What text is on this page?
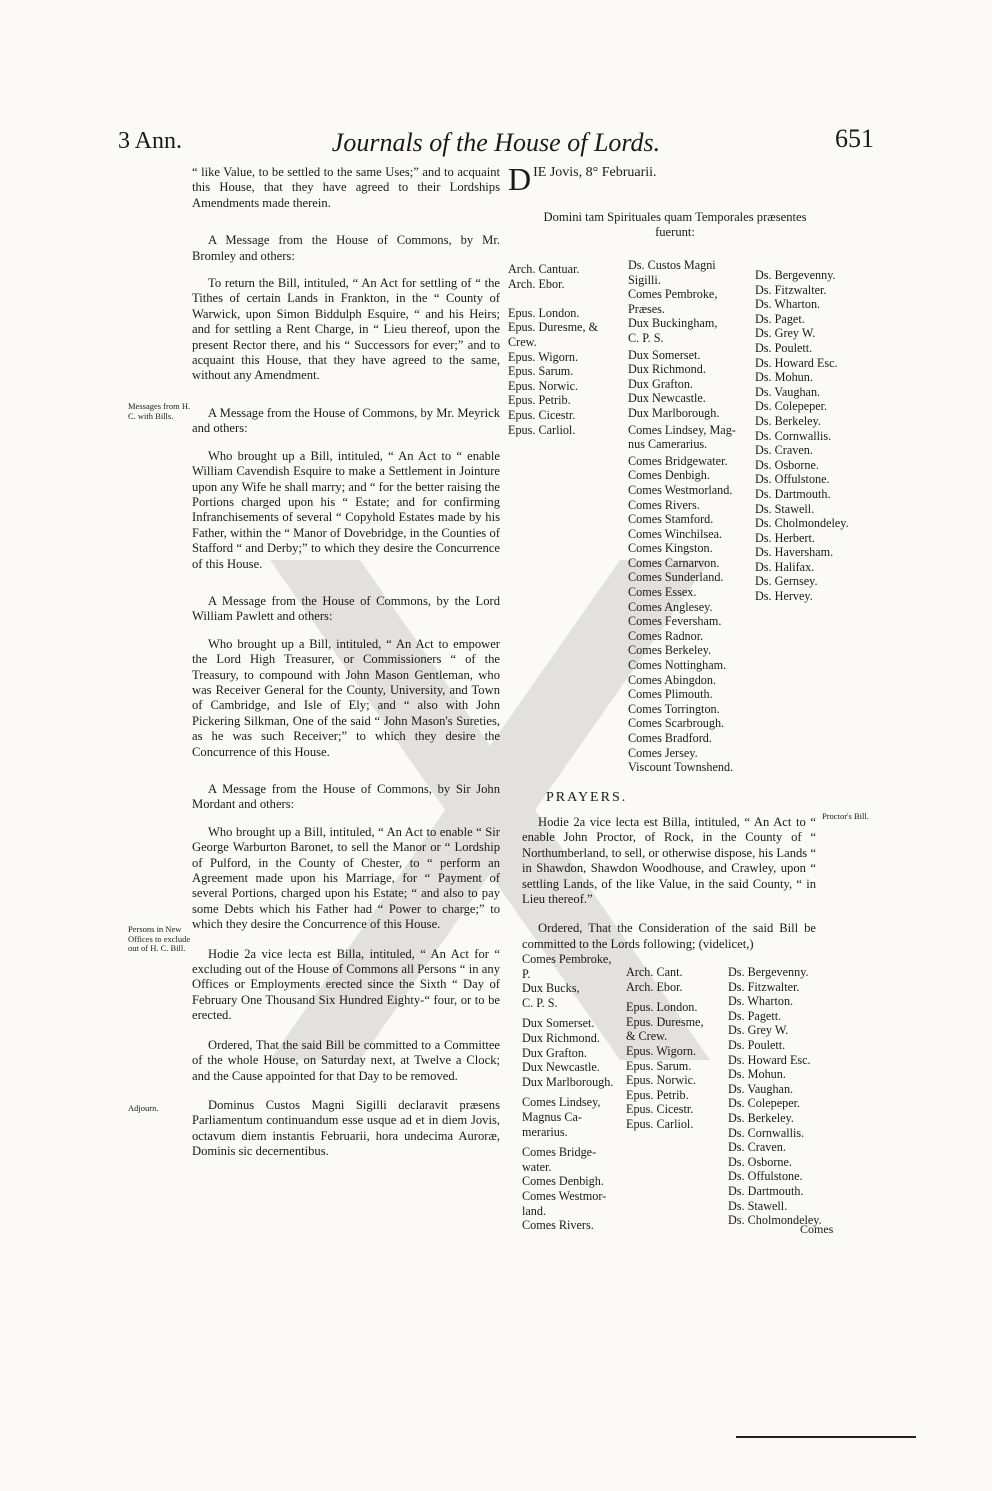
3 Ann.	Journals of the House of Lords.	651

“ like Value, to be settled to the same Uses;” and to acquaint this House, that they have agreed to their Lordships Amendments made therein.

A Message from the House of Commons, by Mr. Bromley and others:

To return the Bill, intituled, “ An Act for settling of “ the Tithes of certain Lands in Frankton, in the “ County of Warwick, upon Simon Biddulph Esquire, “ and his Heirs; and for settling a Rent Charge, in “ Lieu thereof, upon the present Rector there, and his “ Successors for ever;” and to acquaint this House, that they have agreed to the same, without any Amendment.

A Message from the House of Commons, by Mr. Meyrick and others:

Who brought up a Bill, intituled, “ An Act to “ enable William Cavendish Esquire to make a Settlement in Jointure upon any Wife he shall marry; and “ for the better raising the Portions charged upon his “ Estate; and for confirming Infranchisements of several “ Copyhold Estates made by his Father, within the “ Manor of Dovebridge, in the Counties of Stafford “ and Derby;” to which they desire the Concurrence of this House.

A Message from the House of Commons, by the Lord William Pawlett and others:

Who brought up a Bill, intituled, “ An Act to empower the Lord High Treasurer, or Commissioners “ of the Treasury, to compound with John Mason Gentleman, who was Receiver General for the County, University, and Town of Cambridge, and Isle of Ely; and “ also with John Pickering Silkman, One of the said “ John Mason's Sureties, as he was such Receiver;” to which they desire the Concurrence of this House.

A Message from the House of Commons, by Sir John Mordant and others:

Who brought up a Bill, intituled, “ An Act to enable “ Sir George Warburton Baronet, to sell the Manor or “ Lordship of Pulford, in the County of Chester, to “ perform an Agreement made upon his Marriage, for “ Payment of several Portions, charged upon his Estate; “ and also to pay some Debts which his Father had “ Power to charge;” to which they desire the Concurrence of this House.

Hodie 2a vice lecta est Billa, intituled, “ An Act for “ excluding out of the House of Commons all Persons “ in any Offices or Employments erected since the Sixth “ Day of February One Thousand Six Hundred Eighty-“ four, or to be erected.

Ordered, That the said Bill be committed to a Committee of the whole House, on Saturday next, at Twelve a Clock; and the Cause appointed for that Day to be removed.

Dominus Custos Magni Sigilli declaravit præsens Parliamentum continuandum esse usque ad et in diem Jovis, octavum diem instantis Februarii, hora undecima Auroræ, Dominis sic decernentibus.

Messages from H. C. with Bills.
Persons in New Offices to exclude out of H. C. Bill.
Adjourn.
Proctor's Bill.
D IE Jovis, 8° Februarii.
Domini tam Spirituales quam Temporales præsentes fuerunt:
Arch. Cantuar.
Arch. Ebor.

Epus. London.
Epus. Duresme, &
Crew.
Epus. Wigorn.
Epus. Sarum.
Epus. Norwic.
Epus. Petrib.
Epus. Cicestr.
Epus. Carliol.
Ds. Custos Magni
Sigilli.
Comes Pembroke,
Præses.
Dux Buckingham,
C. P. S.
Dux Somerset.
Dux Richmond.
Dux Grafton.
Dux Newcastle.
Dux Marlborough.
Comes Lindsey, Mag-
nus Camerarius.
Comes Bridgewater.
Comes Denbigh.
Comes Westmorland.
Comes Rivers.
Comes Stamford.
Comes Winchilsea.
Comes Kingston.
Comes Carnarvon.
Comes Sunderland.
Comes Essex.
Comes Anglesey.
Comes Feversham.
Comes Radnor.
Comes Berkeley.
Comes Nottingham.
Comes Abingdon.
Comes Plimouth.
Comes Torrington.
Comes Scarbrough.
Comes Bradford.
Comes Jersey.
Viscount Townshend.
Ds. Bergevenny.
Ds. Fitzwalter.
Ds. Wharton.
Ds. Paget.
Ds. Grey W.
Ds. Poulett.
Ds. Howard Esc.
Ds. Mohun.
Ds. Vaughan.
Ds. Colepeper.
Ds. Berkeley.
Ds. Cornwallis.
Ds. Craven.
Ds. Osborne.
Ds. Offulstone.
Ds. Dartmouth.
Ds. Stawell.
Ds. Cholmondeley.
Ds. Herbert.
Ds. Haversham.
Ds. Halifax.
Ds. Gernsey.
Ds. Hervey.
PRAYERS.

Hodie 2a vice lecta est Billa, intituled, “ An Act to “ enable John Proctor, of Rock, in the County of “ Northumberland, to sell, or otherwise dispose, his Lands “ in Shawdon, Shawdon Woodhouse, and Crawley, upon “ settling Lands, of the like Value, in the said County, “ in Lieu thereof.”

Ordered, That the Consideration of the said Bill be committed to the Lords following; (videlicet,)

Comes Pembroke,
P.
Dux Bucks,
C. P. S.
Dux Somerset.
Dux Richmond.
Dux Grafton.
Dux Newcastle.
Dux Marlborough.
Comes Lindsey,
Magnus Ca-
merarius.
Comes Bridge-
water.
Comes Denbigh.
Comes Westmor-
land.
Comes Rivers.
Arch. Cant.
Arch. Ebor.
Epus. London.
Epus. Duresme,
& Crew.
Epus. Wigorn.
Epus. Sarum.
Epus. Norwic.
Epus. Petrib.
Epus. Cicestr.
Epus. Carliol.
Ds. Bergevenny.
Ds. Fitzwalter.
Ds. Wharton.
Ds. Pagett.
Ds. Grey W.
Ds. Poulett.
Ds. Howard Esc.
Ds. Mohun.
Ds. Vaughan.
Ds. Colepeper.
Ds. Berkeley.
Ds. Cornwallis.
Ds. Craven.
Ds. Osborne.
Ds. Offulstone.
Ds. Dartmouth.
Ds. Stawell.
Ds. Cholmondeley.
Comes
